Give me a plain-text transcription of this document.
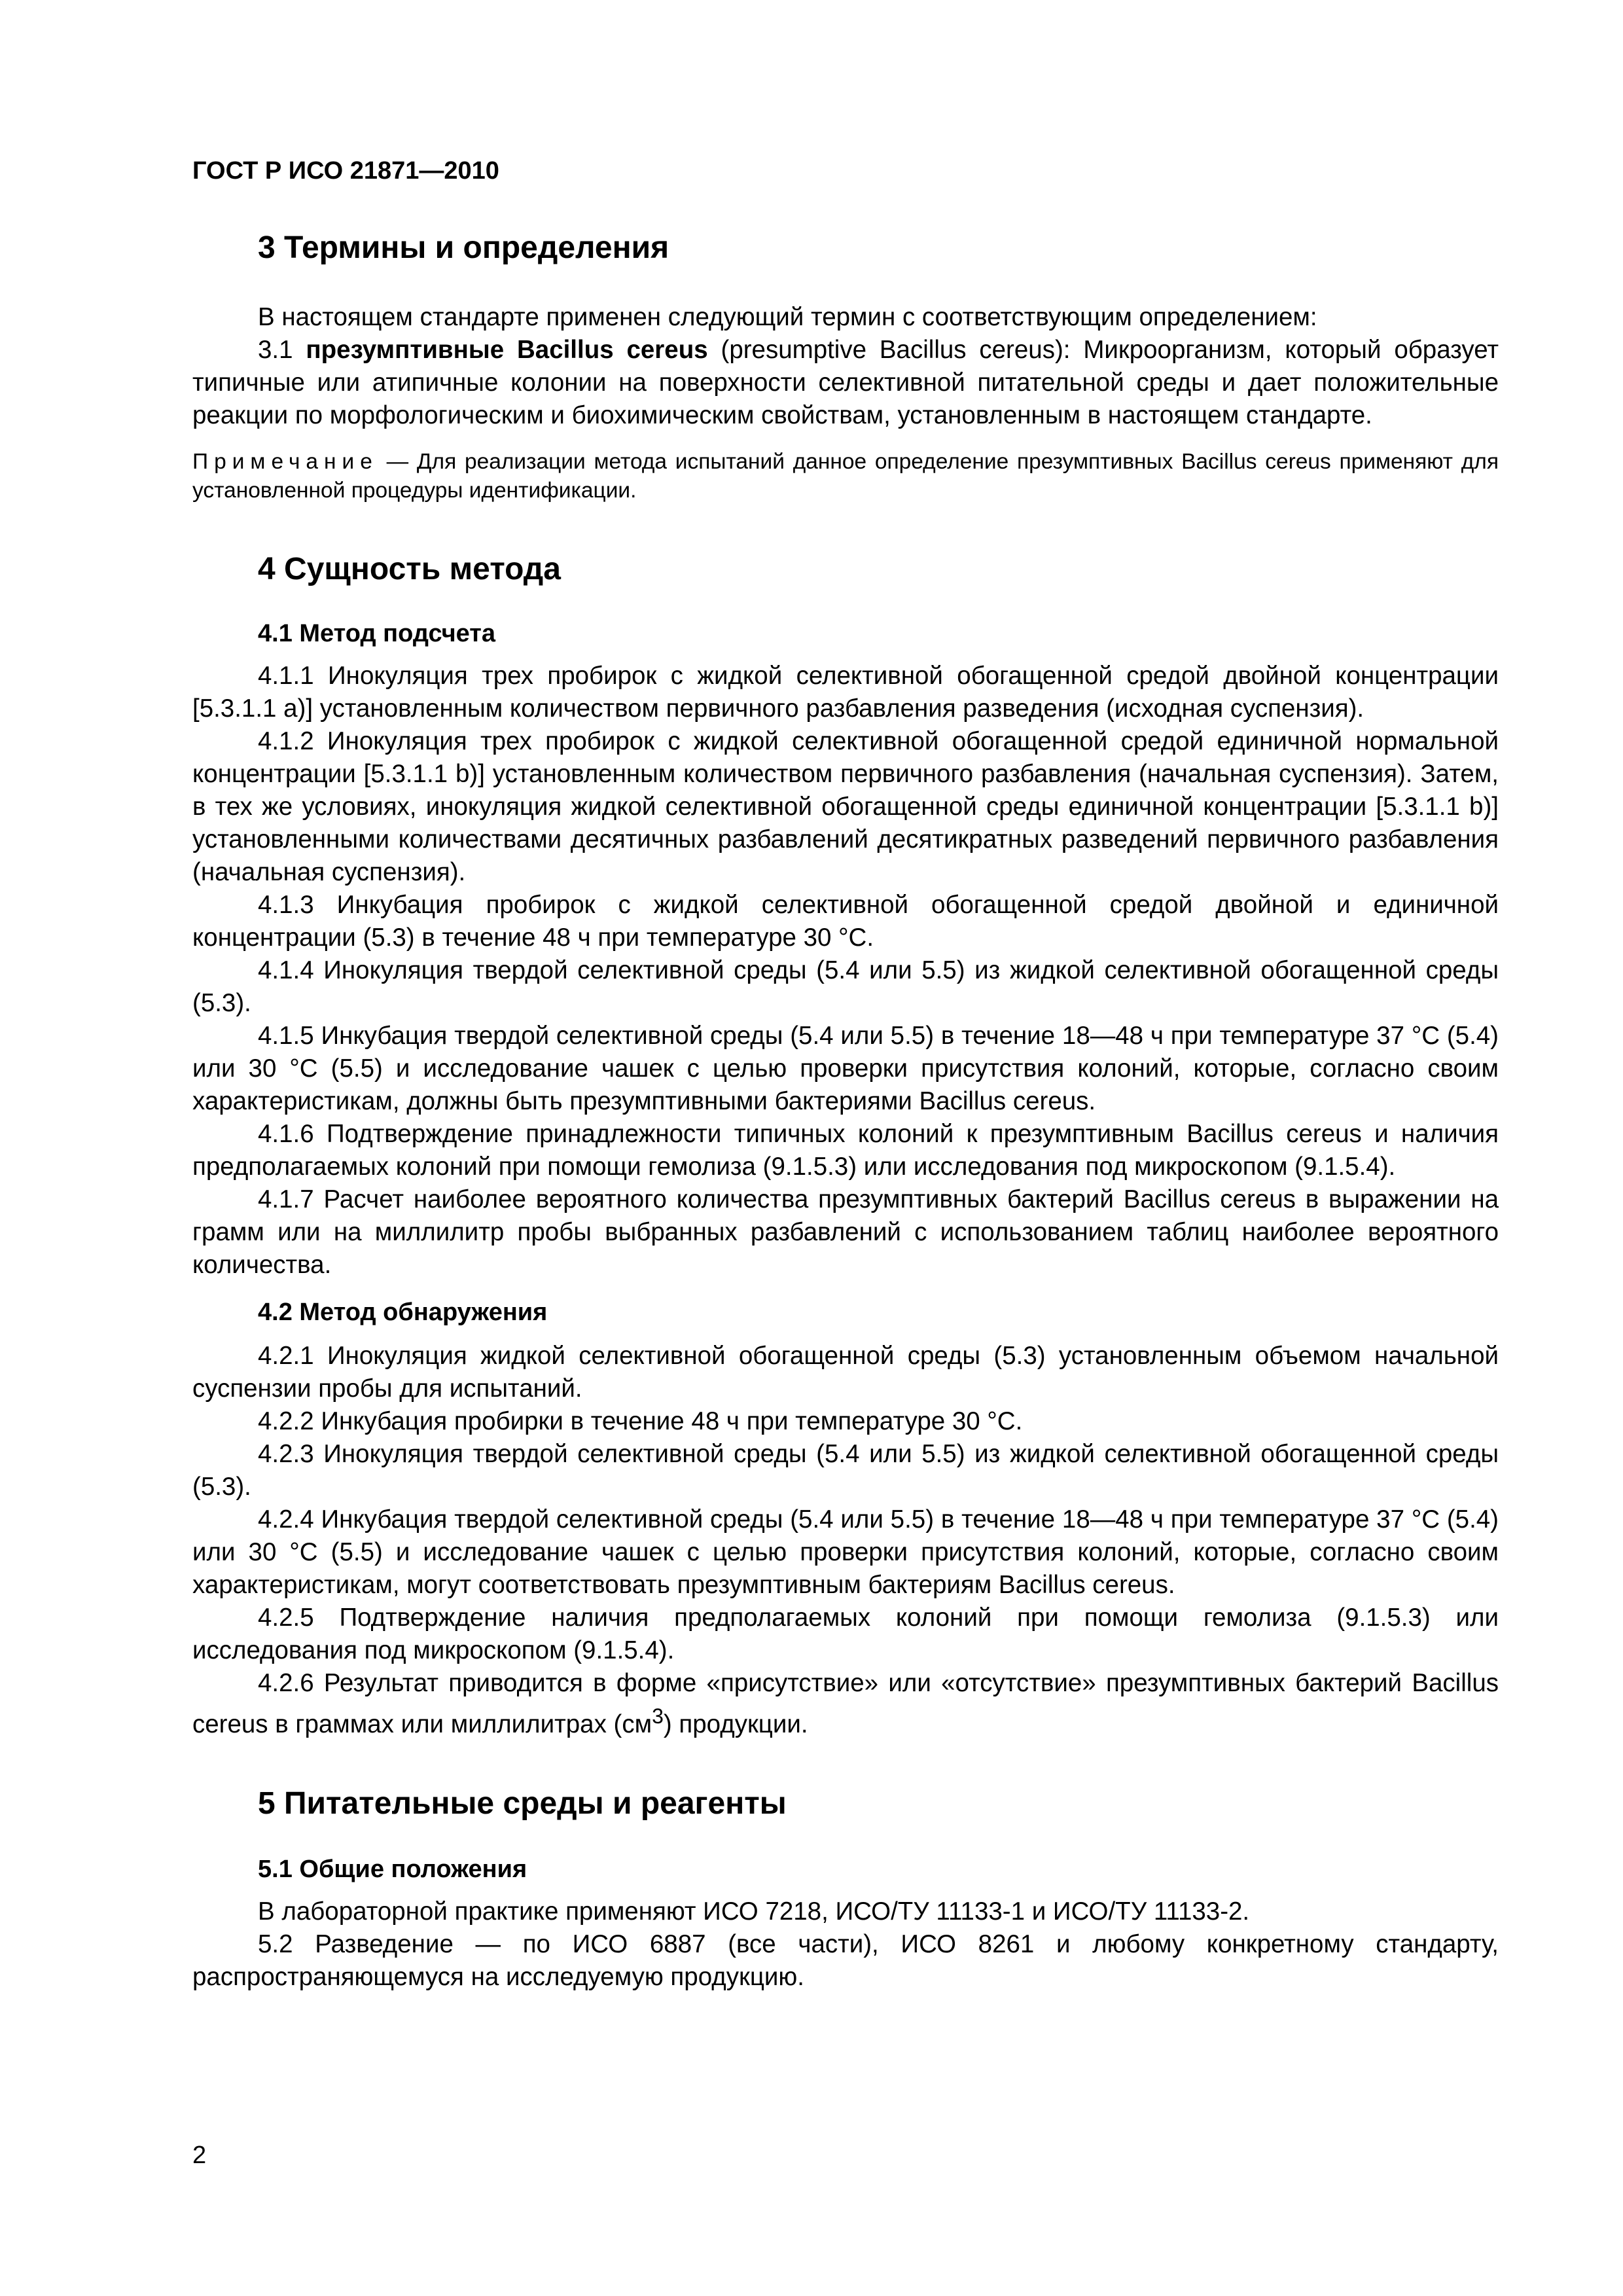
ГОСТ Р ИСО 21871—2010
3 Термины и определения

В настоящем стандарте применен следующий термин с соответствующим определением:

3.1 презумптивные Bacillus cereus (presumptive Bacillus cereus): Микроорганизм, который образует типичные или атипичные колонии на поверхности селективной питательной среды и дает положительные реакции по морфологическим и биохимическим свойствам, установленным в настоящем стандарте.

Примечание — Для реализации метода испытаний данное определение презумптивных Bacillus cereus применяют для установленной процедуры идентификации.

4 Сущность метода
4.1 Метод подсчета

4.1.1 Инокуляция трех пробирок с жидкой селективной обогащенной средой двойной концентрации [5.3.1.1 a)] установленным количеством первичного разбавления разведения (исходная суспензия).

4.1.2 Инокуляция трех пробирок с жидкой селективной обогащенной средой единичной нормальной концентрации [5.3.1.1 b)] установленным количеством первичного разбавления (начальная суспензия). Затем, в тех же условиях, инокуляция жидкой селективной обогащенной среды единичной концентрации [5.3.1.1 b)] установленными количествами десятичных разбавлений десятикратных разведений первичного разбавления (начальная суспензия).

4.1.3 Инкубация пробирок с жидкой селективной обогащенной средой двойной и единичной концентрации (5.3) в течение 48 ч при температуре 30 °С.

4.1.4 Инокуляция твердой селективной среды (5.4 или 5.5) из жидкой селективной обогащенной среды (5.3).

4.1.5 Инкубация твердой селективной среды (5.4 или 5.5) в течение 18—48 ч при температуре 37 °С (5.4) или 30 °С (5.5) и исследование чашек с целью проверки присутствия колоний, которые, согласно своим характеристикам, должны быть презумптивными бактериями Bacillus cereus.

4.1.6 Подтверждение принадлежности типичных колоний к презумптивным Bacillus cereus и наличия предполагаемых колоний при помощи гемолиза (9.1.5.3) или исследования под микроскопом (9.1.5.4).

4.1.7 Расчет наиболее вероятного количества презумптивных бактерий Bacillus cereus в выражении на грамм или на миллилитр пробы выбранных разбавлений с использованием таблиц наиболее вероятного количества.

4.2 Метод обнаружения

4.2.1 Инокуляция жидкой селективной обогащенной среды (5.3) установленным объемом начальной суспензии пробы для испытаний.

4.2.2 Инкубация пробирки в течение 48 ч при температуре 30 °С.

4.2.3 Инокуляция твердой селективной среды (5.4 или 5.5) из жидкой селективной обогащенной среды (5.3).

4.2.4 Инкубация твердой селективной среды (5.4 или 5.5) в течение 18—48 ч при температуре 37 °С (5.4) или 30 °С (5.5) и исследование чашек с целью проверки присутствия колоний, которые, согласно своим характеристикам, могут соответствовать презумптивным бактериям Bacillus cereus.

4.2.5 Подтверждение наличия предполагаемых колоний при помощи гемолиза (9.1.5.3) или исследования под микроскопом (9.1.5.4).

4.2.6 Результат приводится в форме «присутствие» или «отсутствие» презумптивных бактерий Bacillus cereus в граммах или миллилитрах $(см^3)$ продукции.

5 Питательные среды и реагенты
5.1 Общие положения

В лабораторной практике применяют ИСО 7218, ИСО/ТУ 11133-1 и ИСО/ТУ 11133-2.

5.2 Разведение — по ИСО 6887 (все части), ИСО 8261 и любому конкретному стандарту, распространяющемуся на исследуемую продукцию.

2
